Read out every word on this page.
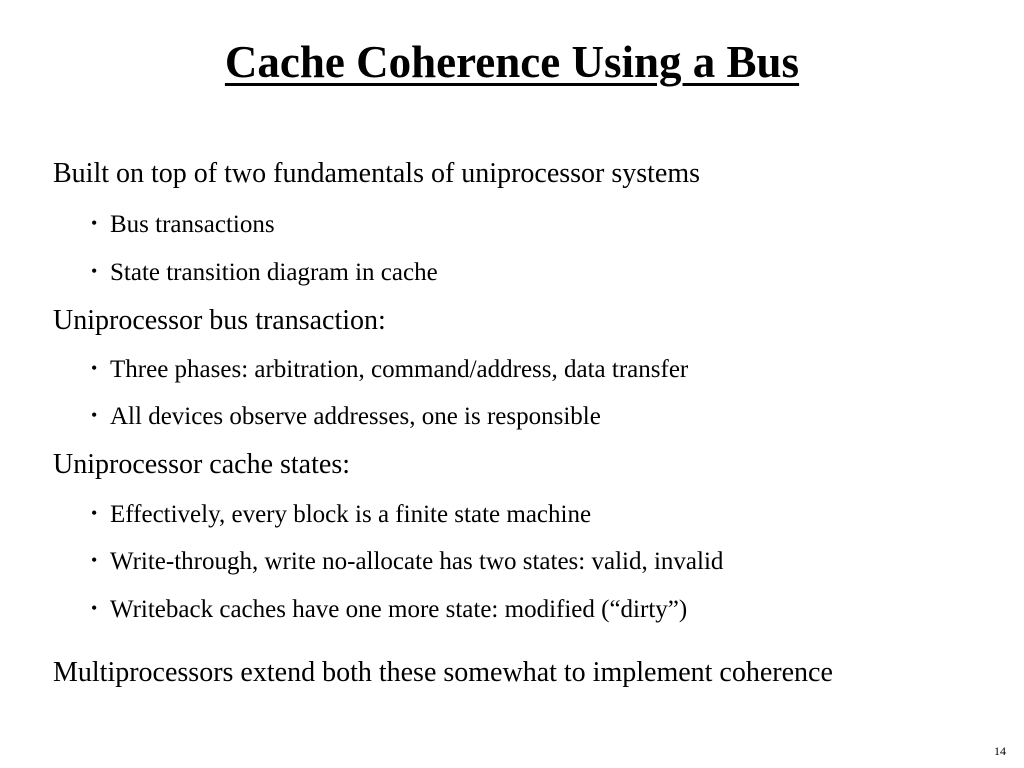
Cache Coherence Using a Bus

Built on top of two fundamentals of uniprocessor systems

• Bus transactions

• State transition diagram in cache

Uniprocessor bus transaction:

• Three phases: arbitration, command/address, data transfer

• All devices observe addresses, one is responsible

Uniprocessor cache states:

• Effectively, every block is a finite state machine

• Write-through, write no-allocate has two states: valid, invalid

• Writeback caches have one more state: modified (“dirty”)

Multiprocessors extend both these somewhat to implement coherence

14
